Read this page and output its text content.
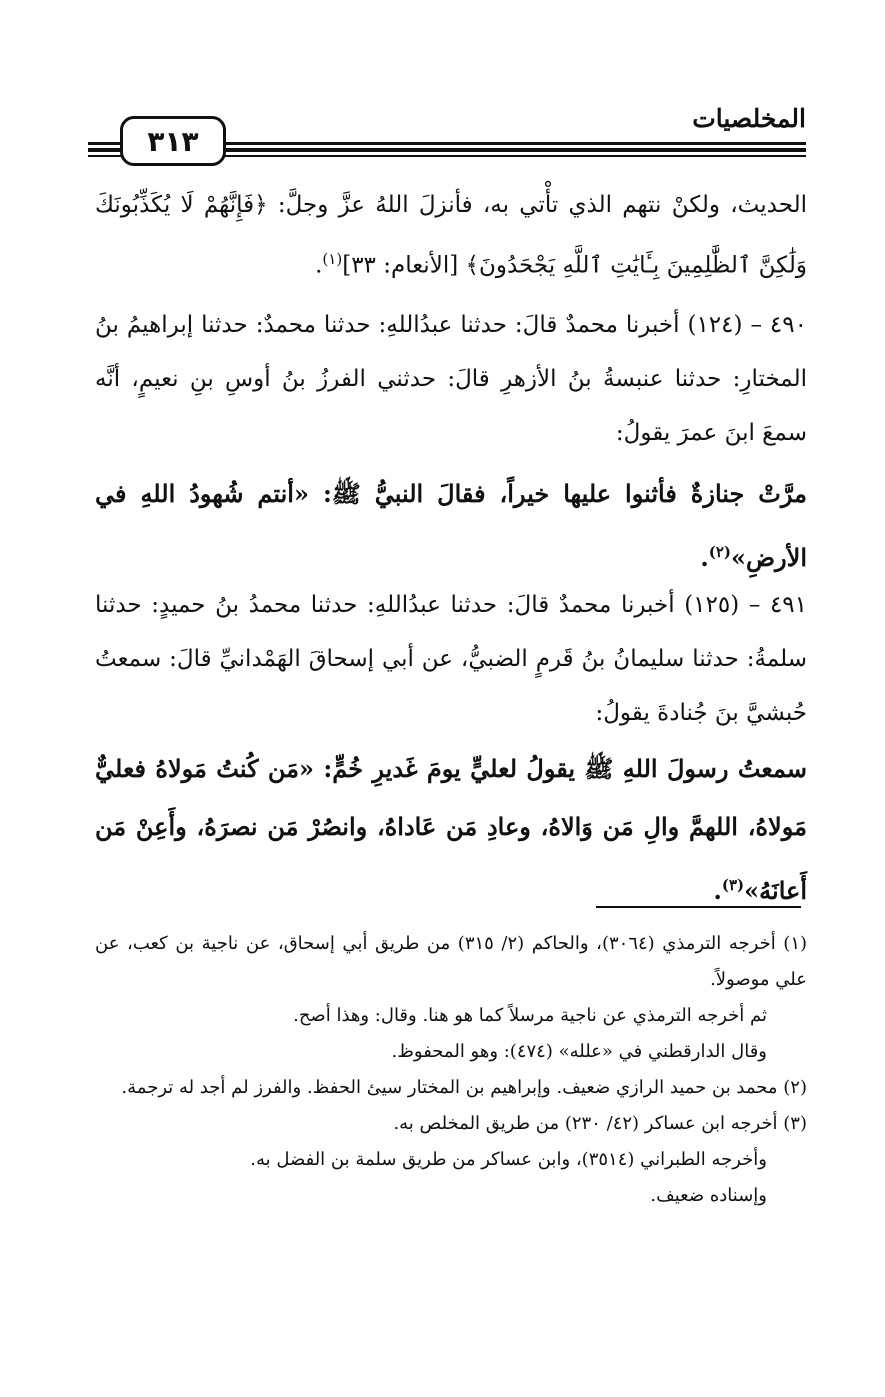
المخلصيات
٣١٣

الحديث، ولكنْ نتهم الذي تأْتي به، فأنزلَ اللهُ عزَّ وجلَّ: ﴿فَإِنَّهُمْ لَا يُكَذِّبُونَكَ وَلَٰكِنَّ ٱلظَّٰلِمِينَ بِـَٔايَٰتِ ٱللَّهِ يَجْحَدُونَ﴾ [الأنعام: ٣٣]$^{(١)}$.

٤٩٠ – (١٢٤) أخبرنا محمدٌ قالَ: حدثنا عبدُاللهِ: حدثنا محمدٌ: حدثنا إبراهيمُ بنُ المختارِ: حدثنا عنبسةُ بنُ الأزهرِ قالَ: حدثني الفرزُ بنُ أوسِ بنِ نعيمٍ، أنَّه سمعَ ابنَ عمرَ يقولُ:

مرَّتْ جنازةٌ فأثنوا عليها خيراً، فقالَ النبيُّ ﷺ: «أنتم شُهودُ اللهِ في الأرضِ»$^{(٢)}$.

٤٩١ – (١٢٥) أخبرنا محمدٌ قالَ: حدثنا عبدُاللهِ: حدثنا محمدُ بنُ حميدٍ: حدثنا سلمةُ: حدثنا سليمانُ بنُ قَرمٍ الضبيُّ، عن أبي إسحاقَ الهَمْدانيِّ قالَ: سمعتُ حُبشيَّ بنَ جُنادةَ يقولُ:

سمعتُ رسولَ اللهِ ﷺ يقولُ لعليٍّ يومَ غَديرِ خُمٍّ: «مَن كُنتُ مَولاهُ فعليٌّ مَولاهُ، اللهمَّ والِ مَن وَالاهُ، وعادِ مَن عَاداهُ، وانصُرْ مَن نصرَهُ، وأَعِنْ مَن أَعانَهُ»$^{(٣)}$.

(١) أخرجه الترمذي (٣٠٦٤)، والحاكم (٢/ ٣١٥) من طريق أبي إسحاق، عن ناجية بن كعب، عن علي موصولاً.

ثم أخرجه الترمذي عن ناجية مرسلاً كما هو هنا. وقال: وهذا أصح.

وقال الدارقطني في «علله» (٤٧٤): وهو المحفوظ.

(٢) محمد بن حميد الرازي ضعيف. وإبراهيم بن المختار سيئ الحفظ. والفرز لم أجد له ترجمة.

(٣) أخرجه ابن عساكر (٤٢/ ٢٣٠) من طريق المخلص به.

وأخرجه الطبراني (٣٥١٤)، وابن عساكر من طريق سلمة بن الفضل به.

وإسناده ضعيف.
